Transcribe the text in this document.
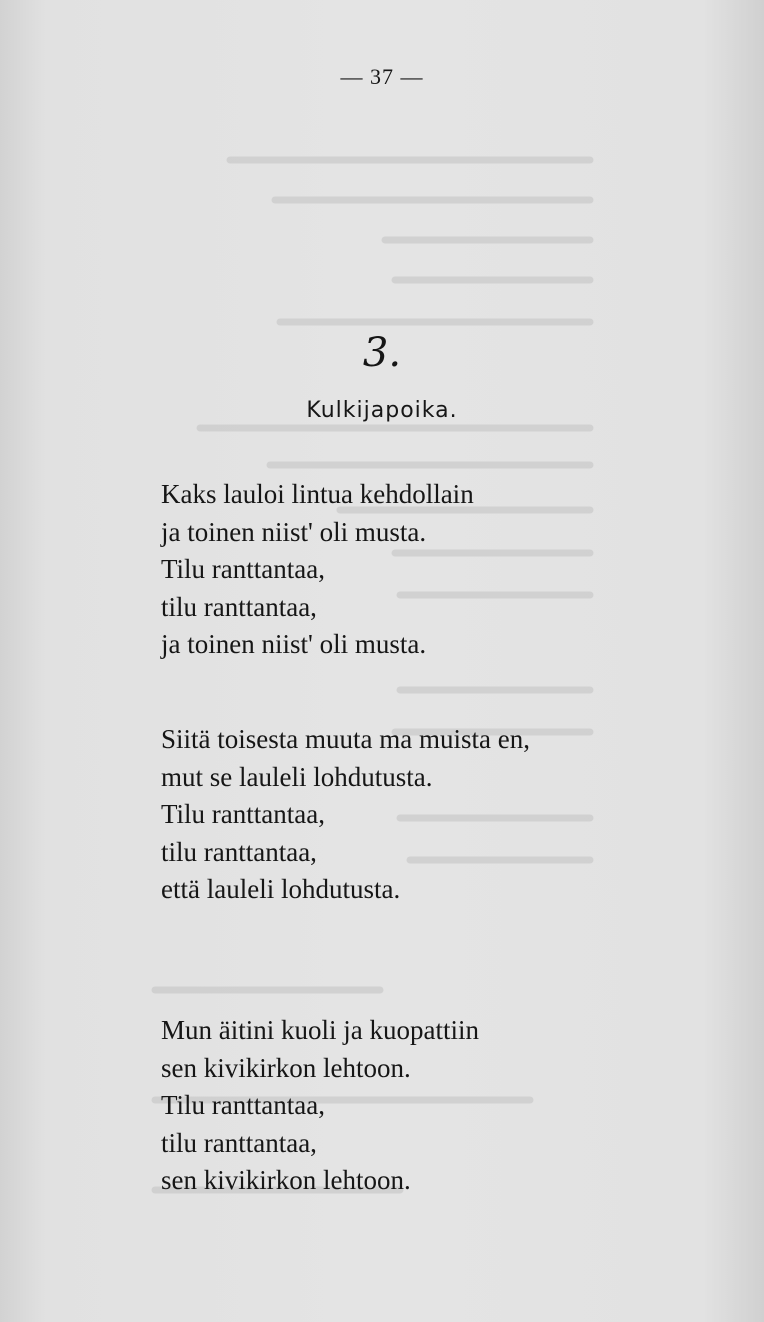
— 37 —
3.
Kulkijapoika.
Kaks lauloi lintua kehdollain
ja toinen niist' oli musta.
Tilu ranttantaa,
tilu ranttantaa,
ja toinen niist' oli musta.
Siitä toisesta muuta ma muista en,
mut se lauleli lohdutusta.
Tilu ranttantaa,
tilu ranttantaa,
että lauleli lohdutusta.
Mun äitini kuoli ja kuopattiin
sen kivikirkon lehtoon.
Tilu ranttantaa,
tilu ranttantaa,
sen kivikirkon lehtoon.
